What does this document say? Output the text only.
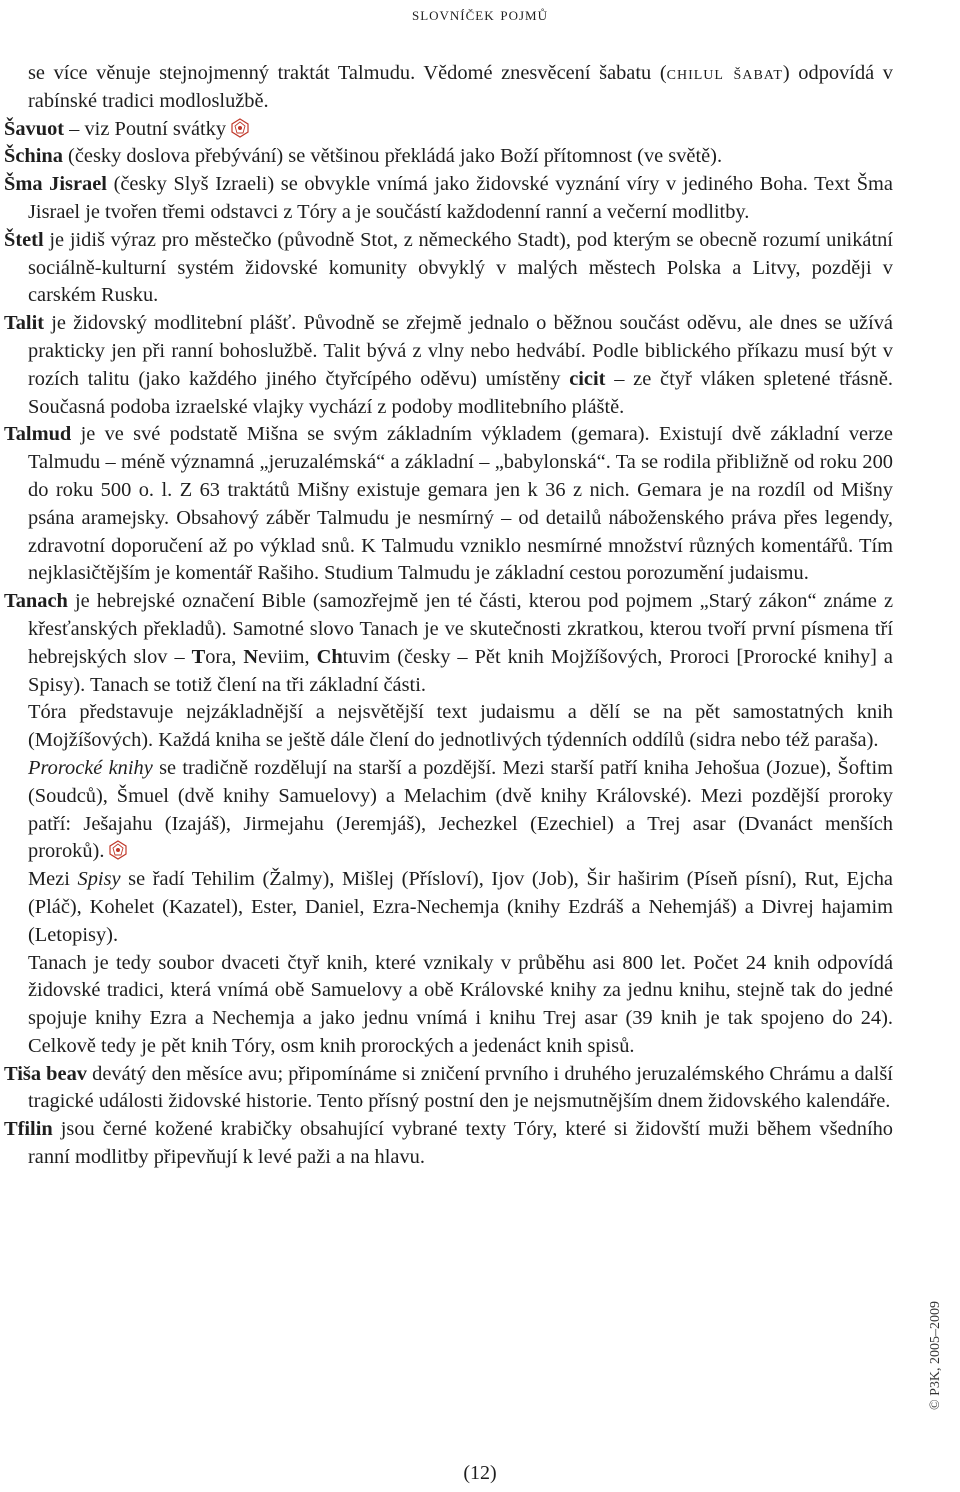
slovníček pojmů

se více věnuje stejnojmenný traktát Talmudu. Vědomé znesvěcení šabatu (chilul šabat) odpovídá v rabínské tradici modloslužbě.

Šavuot – viz Poutní svátky

Šchina (česky doslova přebývání) se většinou překládá jako Boží přítomnost (ve světě).

Šma Jisrael (česky Slyš Izraeli) se obvykle vnímá jako židovské vyznání víry v jediného Boha. Text Šma Jisrael je tvořen třemi odstavci z Tóry a je součástí každodenní ranní a večerní modlitby.

Štetl je jidiš výraz pro městečko (původně Stot, z německého Stadt), pod kterým se obecně rozumí unikátní sociálně-kulturní systém židovské komunity obvyklý v malých městech Polska a Litvy, později v carském Rusku.

Talit je židovský modlitební plášť. Původně se zřejmě jednalo o běžnou součást oděvu, ale dnes se užívá prakticky jen při ranní bohoslužbě. Talit bývá z vlny nebo hedvábí. Podle biblického příkazu musí být v rozích talitu (jako každého jiného čtyřcípého oděvu) umístěny cicit – ze čtyř vláken spletené třásně. Současná podoba izraelské vlajky vychází z podoby modlitebního pláště.

Talmud je ve své podstatě Mišna se svým základním výkladem (gemara). Existují dvě základní verze Talmudu – méně významná „jeruzalémská“ a základní – „babylonská“. Ta se rodila přibližně od roku 200 do roku 500 o. l. Z 63 traktátů Mišny existuje gemara jen k 36 z nich. Gemara je na rozdíl od Mišny psána aramejsky. Obsahový záběr Talmudu je nesmírný – od detailů náboženského práva přes legendy, zdravotní doporučení až po výklad snů. K Talmudu vzniklo nesmírné množství různých komentářů. Tím nejklasičtějším je komentář Rašiho. Studium Talmudu je základní cestou porozumění judaismu.

Tanach je hebrejské označení Bible (samozřejmě jen té části, kterou pod pojmem „Starý zákon“ známe z křesťanských překladů). Samotné slovo Tanach je ve skutečnosti zkratkou, kterou tvoří první písmena tří hebrejských slov – Tora, Neviim, Chtuvim (česky – Pět knih Mojžíšových, Proroci [Prorocké knihy] a Spisy). Tanach se totiž člení na tři základní části.

Tóra představuje nejzákladnější a nejsvětější text judaismu a dělí se na pět samostatných knih (Mojžíšových). Každá kniha se ještě dále člení do jednotlivých týdenních oddílů (sidra nebo též paraša).

Prorocké knihy se tradičně rozdělují na starší a pozdější. Mezi starší patří kniha Jehošua (Jozue), Šoftim (Soudců), Šmuel (dvě knihy Samuelovy) a Melachim (dvě knihy Královské). Mezi pozdější proroky patří: Ješajahu (Izajáš), Jirmejahu (Jeremjáš), Jechezkel (Ezechiel) a Trej asar (Dvanáct menších proroků).

Mezi Spisy se řadí Tehilim (Žalmy), Mišlej (Přísloví), Ijov (Job), Šir haširim (Píseň písní), Rut, Ejcha (Pláč), Kohelet (Kazatel), Ester, Daniel, Ezra-Nechemja (knihy Ezdráš a Nehemjáš) a Divrej hajamim (Letopisy).

Tanach je tedy soubor dvaceti čtyř knih, které vznikaly v průběhu asi 800 let. Počet 24 knih odpovídá židovské tradici, která vnímá obě Samuelovy a obě Královské knihy za jednu knihu, stejně tak do jedné spojuje knihy Ezra a Nechemja a jako jednu vnímá i knihu Trej asar (39 knih je tak spojeno do 24). Celkově tedy je pět knih Tóry, osm knih prorockých a jedenáct knih spisů.

Tiša beav devátý den měsíce avu; připomínáme si zničení prvního i druhého jeruzalémského Chrámu a další tragické události židovské historie. Tento přísný postní den je nejsmutnějším dnem židovského kalendáře.

Tfilin jsou černé kožené krabičky obsahující vybrané texty Tóry, které si židovští muži během všedního ranní modlitby připevňují k levé paži a na hlavu.

© P3K, 2005–2009
(12)
